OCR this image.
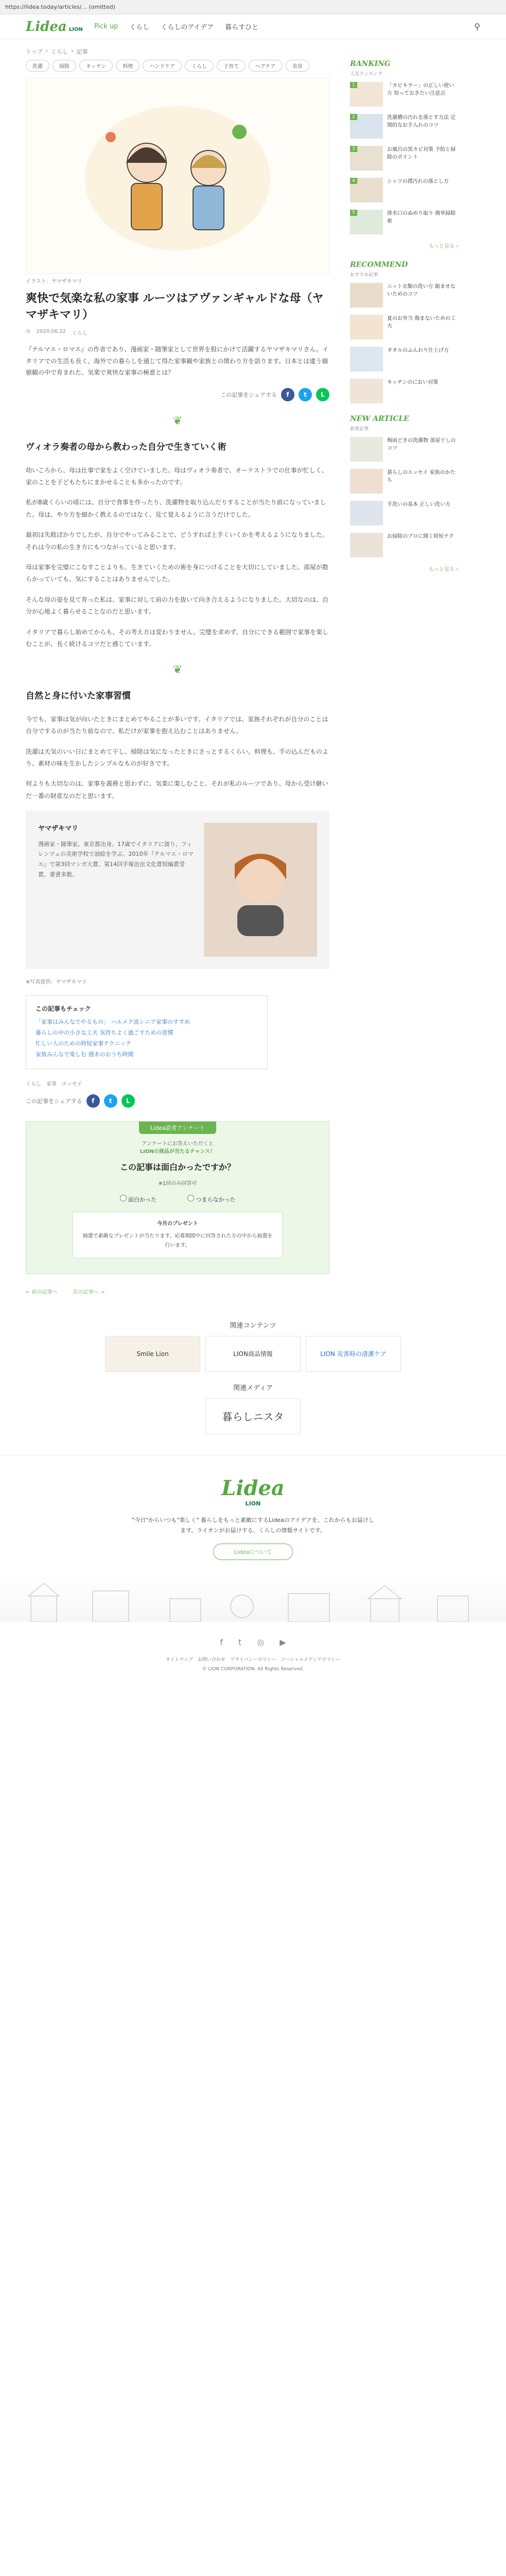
https://lidea.today/articles/... (omitted)
Lidea LION Pick up くらし くらしのアイデア 暮らすひと	⚲
トップ › くらし › 記事
洗濯	掃除	キッチン	料理	ハンドケア	くらし	子育て	ヘアケア	美容
イラスト：ヤマザキマリ
爽快で気楽な私の家事 ルーツはアヴァンギャルドな母（ヤマザキマリ）
◷ 2020.06.22 くらし

『テルマエ・ロマエ』の作者であり、漫画家・随筆家として世界を股にかけて活躍するヤマザキマリさん。イタリアでの生活も長く、海外での暮らしを通じて得た家事観や家族との関わり方を語ります。日本とは違う価値観の中で育まれた、気楽で爽快な家事の極意とは？

この記事をシェアする	f	t	L
❦
ヴィオラ奏者の母から教わった自分で生きていく術

幼いころから、母は仕事で家をよく空けていました。母はヴィオラ奏者で、オーケストラでの仕事が忙しく、家のことを子どもたちにまかせることも多かったのです。

私が8歳くらいの頃には、自分で食事を作ったり、洗濯物を取り込んだりすることが当たり前になっていました。母は、やり方を細かく教えるのではなく、見て覚えるように言うだけでした。

最初は失敗ばかりでしたが、自分でやってみることで、どうすれば上手くいくかを考えるようになりました。それは今の私の生き方にもつながっていると思います。

母は家事を完璧にこなすことよりも、生きていくための術を身につけることを大切にしていました。部屋が散らかっていても、気にすることはありませんでした。

そんな母の姿を見て育った私は、家事に対して肩の力を抜いて向き合えるようになりました。大切なのは、自分が心地よく暮らせることなのだと思います。

イタリアで暮らし始めてからも、その考え方は変わりません。完璧を求めず、自分にできる範囲で家事を楽しむことが、長く続けるコツだと感じています。

❦
自然と身に付いた家事習慣

今でも、家事は気が向いたときにまとめてやることが多いです。イタリアでは、家族それぞれが自分のことは自分でするのが当たり前なので、私だけが家事を抱え込むことはありません。

洗濯は天気のいい日にまとめて干し、掃除は気になったときにさっとするくらい。料理も、手の込んだものより、素材の味を生かしたシンプルなものが好きです。

何よりも大切なのは、家事を義務と思わずに、気楽に楽しむこと。それが私のルーツであり、母から受け継いだ一番の財産なのだと思います。

ヤマザキマリ
漫画家・随筆家。東京都出身。17歳でイタリアに渡り、フィレンツェの美術学校で油絵を学ぶ。2010年『テルマエ・ロマエ』で第3回マンガ大賞、第14回手塚治虫文化賞短編賞受賞。著書多数。

※写真提供：ヤマザキマリ

この記事もチェック
「家事はみんなでやるもの」 ハルメク流シニア家事のすすめ
暮らしの中の小さな工夫 気持ちよく過ごすための習慣
忙しい人のための時短家事テクニック
家族みんなで楽しむ 週末のおうち時間
くらし　家事　エッセイ
この記事をシェアする	f	t	L
Lidea読者アンケート
アンケートにお答えいただくと
LIONの商品が当たるチャンス！
この記事は面白かったですか？
※1回のみ回答可
面白かった	つまらなかった
今月のプレゼント
抽選で素敵なプレゼントが当たります。応募期間中に回答された方の中から抽選を行います。
← 前の記事へ　　　次の記事へ →
RANKING
人気ランキング
1	「カビキラー」の正しい使い方 知っておきたい注意点
2	洗濯槽の汚れを落とす方法 定期的なお手入れのコツ
3	お風呂の黒カビ対策 予防と掃除のポイント
4	シャツの襟汚れの落とし方
5	排水口のぬめり取り 簡単掃除術
もっと見る ›
RECOMMEND
おすすめ記事
ニット衣類の洗い方 縮ませないためのコツ
夏のお弁当 傷まないための工夫
タオルのふんわり仕上げ方
キッチンのにおい対策
NEW ARTICLE
新着記事
梅雨どきの洗濯物 部屋干しのコツ
暮らしのエッセイ 家族のかたち
手洗いの基本 正しい洗い方
お掃除のプロに聞く時短テク
もっと見る ›
関連コンテンツ
Smile Lion	LION商品情報	LION 災害時の清潔ケア
関連メディア
暮らしニスタ
Lidea
LION
"今日"からいつも"楽しく" 暮らしをもっと素敵にするLideaのアイデアを、これからもお届けします。ライオンがお届けする、くらしの情報サイトです。
Lideaについて
f t ◎ ▶
サイトマップ　お問い合わせ　プライバシーポリシー　ソーシャルメディアポリシー
© LION CORPORATION. All Rights Reserved.
